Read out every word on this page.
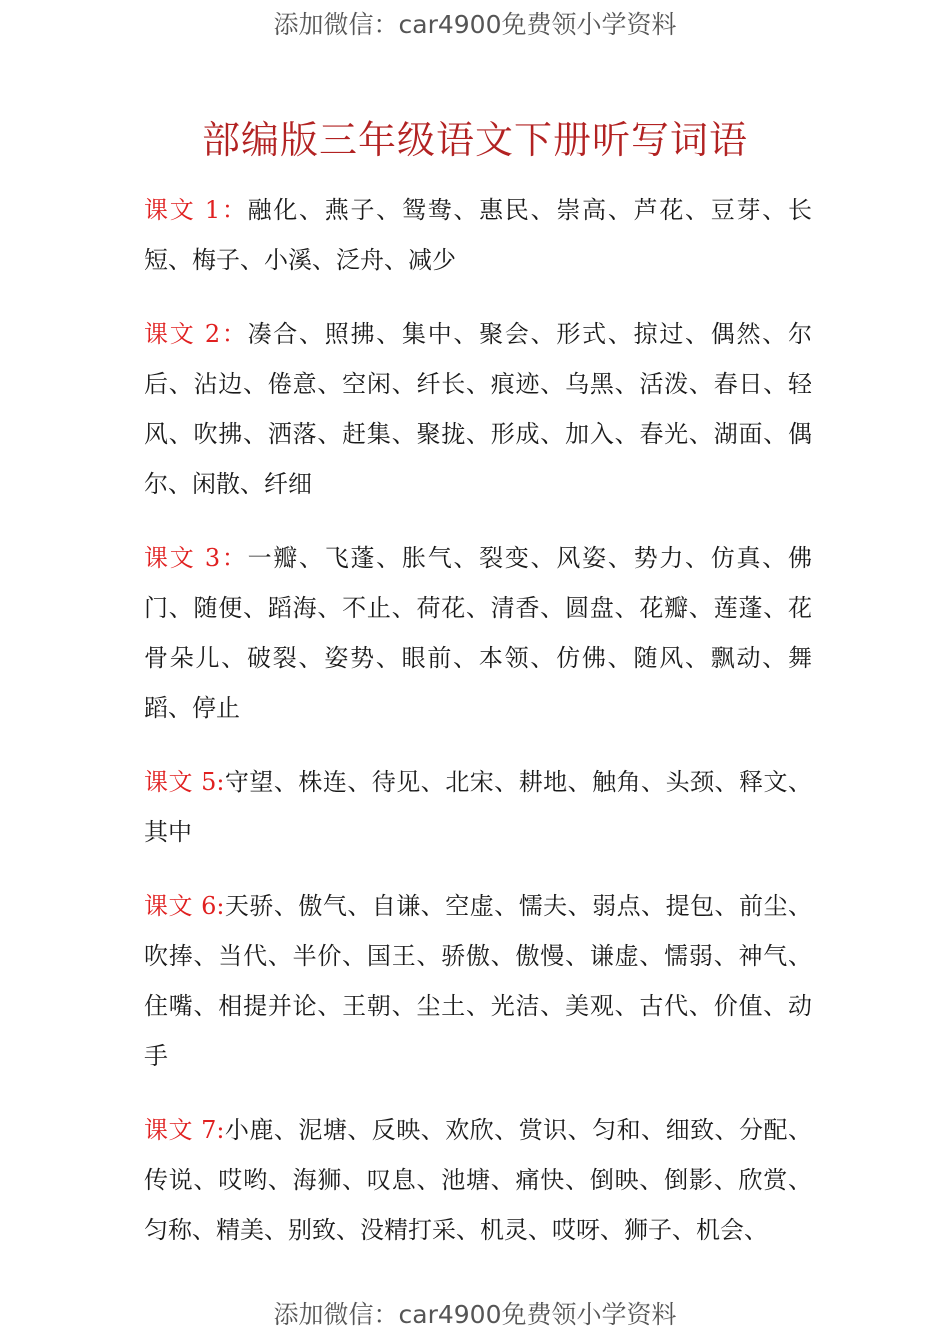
添加微信：car4900免费领小学资料
部编版三年级语文下册听写词语

课文 1：融化、燕子、鸳鸯、惠民、崇高、芦花、豆芽、长短、梅子、小溪、泛舟、减少

课文 2：凑合、照拂、集中、聚会、形式、掠过、偶然、尔后、沾边、倦意、空闲、纤长、痕迹、乌黑、活泼、春日、轻风、吹拂、洒落、赶集、聚拢、形成、加入、春光、湖面、偶尔、闲散、纤细

课文 3：一瓣、飞蓬、胀气、裂变、风姿、势力、仿真、佛门、随便、蹈海、不止、荷花、清香、圆盘、花瓣、莲蓬、花骨朵儿、破裂、姿势、眼前、本领、仿佛、随风、飘动、舞蹈、停止

课文 5:守望、株连、待见、北宋、耕地、触角、头颈、释文、其中

课文 6:天骄、傲气、自谦、空虚、懦夫、弱点、提包、前尘、吹捧、当代、半价、国王、骄傲、傲慢、谦虚、懦弱、神气、住嘴、相提并论、王朝、尘土、光洁、美观、古代、价值、动手

课文 7:小鹿、泥塘、反映、欢欣、赏识、匀和、细致、分配、传说、哎哟、海狮、叹息、池塘、痛快、倒映、倒影、欣赏、匀称、精美、别致、没精打采、机灵、哎呀、狮子、机会、

添加微信：car4900免费领小学资料
